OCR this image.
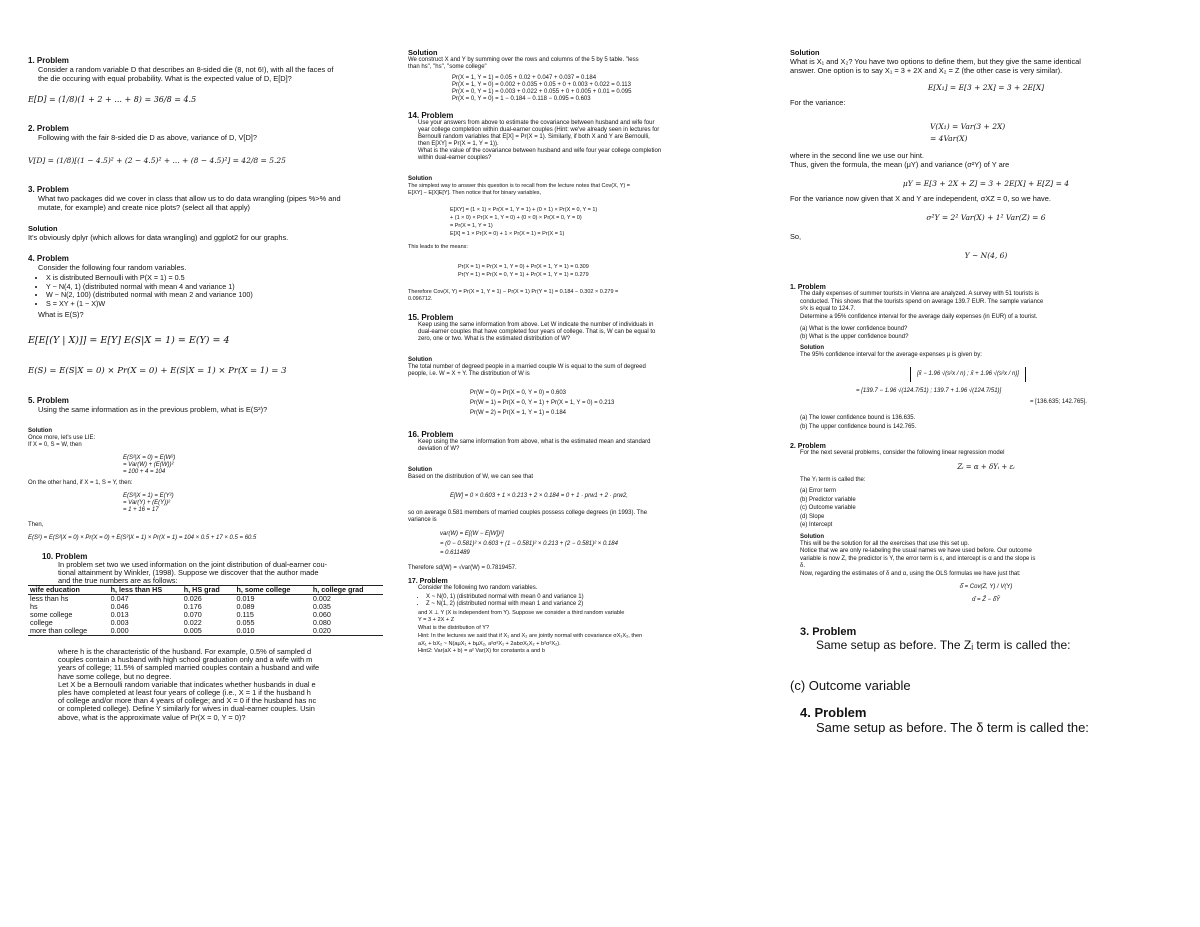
1. Problem

Consider a random variable D that describes an 8-sided die (8, not 6!), with all the faces of
the die occuring with equal probability. What is the expected value of D, E[D]?

E[D] = (1/8)(1 + 2 + ... + 8) = 36/8 = 4.5

2. Problem

Following with the fair 8-sided die D as above, variance of D, V[D]?

V[D] = (1/8)[(1 − 4.5)² + (2 − 4.5)² + ... + (8 − 4.5)²] = 42/8 = 5.25

3. Problem

What two packages did we cover in class that allow us to do data wrangling (pipes %>% and
mutate, for example) and create nice plots? (select all that apply)

Solution

It's obviously dplyr (which allows for data wrangling) and ggplot2 for our graphs.

4. Problem

Consider the following four random variables.

• X is distributed Bernoulli with P(X = 1) = 0.5
• Y ~ N(4, 1) (distributed normal with mean 4 and variance 1)
• W ~ N(2, 100) (distributed normal with mean 2 and variance 100)
• S = XY + (1 − X)W

What is E(S)?

E[E[(Y | X)]] = E[Y] E(S|X = 1) = E(Y) = 4

E(S) = E(S|X = 0) × Pr(X = 0) + E(S|X = 1) × Pr(X = 1) = 3

5. Problem

Using the same information as in the previous problem, what is E(S²)?

Solution

Once more, let's use LIE:
If X = 0, S = W, then

E(S²|X = 0) = E(W²)
= Var(W) + (E(W))²
= 100 + 4 = 104

On the other hand, if X = 1, S = Y, then:

E(S²|X = 1) = E(Y²)
= Var(Y) + (E(Y))²
= 1 + 16 = 17

Then,

E(S²) = E(S²|X = 0) × Pr(X = 0) + E(S²|X = 1) × Pr(X = 1) = 104 × 0.5 + 17 × 0.5 = 60.5

10. Problem

In problem set two we used information on the joint distribution of dual-earner cou-
tional attainment by Winkler, (1998). Suppose we discover that the author made
and the true numbers are as follows:

wife education	h, less than HS	h, HS grad	h, some college	h, college grad
less than hs	0.047	0.026	0.019	0.002
hs	0.046	0.176	0.089	0.035
some college	0.013	0.070	0.115	0.060
college	0.003	0.022	0.055	0.080
more than college	0.000	0.005	0.010	0.020

where h is the characteristic of the husband. For example, 0.5% of sampled d
couples contain a husband with high school graduation only and a wife with m
years of college; 11.5% of sampled married couples contain a husband and wife
have some college, but no degree.
Let X be a Bernoulli random variable that indicates whether husbands in dual e
ples have completed at least four years of college (i.e., X = 1 if the husband h
of college and/or more than 4 years of college; and X = 0 if the husband has nc
or completed college). Define Y similarly for wives in dual-earner couples. Usin
above, what is the approximate value of Pr(X = 0, Y = 0)?

Solution

We construct X and Y by summing over the rows and columns of the 5 by 5 table. "less
than hs", "hs", "some college"

Pr(X = 1, Y = 1) = 0.05 + 0.02 + 0.047 + 0.037 = 0.184
Pr(X = 1, Y = 0) = 0.002 + 0.035 + 0.05 + 0 + 0.003 + 0.022 = 0.113
Pr(X = 0, Y = 1) = 0.003 + 0.022 + 0.055 + 0 + 0.005 + 0.01 = 0.095
Pr(X = 0, Y = 0) = 1 − 0.184 − 0.118 − 0.095 = 0.603

14. Problem

Use your answers from above to estimate the covariance between husband and wife four
year college completion within dual-earner couples (Hint: we've already seen in lectures for
Bernoulli random variables that E[X] = Pr(X = 1). Similarly, if both X and Y are Bernoulli,
then E[XY] = Pr(X = 1, Y = 1)).
What is the value of the covariance between husband and wife four year college completion
within dual-earner couples?

Solution

The simplest way to answer this question is to recall from the lecture notes that Cov(X, Y) =
E[XY] − E[X]E[Y]. Then notice that for binary variables,

E[XY] = (1 × 1) × Pr(X = 1, Y = 1) + (0 × 1) × Pr(X = 0, Y = 1)
+ (1 × 0) × Pr(X = 1, Y = 0) + (0 × 0) × Pr(X = 0, Y = 0)
= Pr(X = 1, Y = 1)
E[X] = 1 × Pr(X = 0) + 1 × Pr(X = 1) = Pr(X = 1)

This leads to the means:

Pr(X = 1) = Pr(X = 1, Y = 0) + Pr(X = 1, Y = 1) = 0.309
Pr(Y = 1) = Pr(X = 0, Y = 1) + Pr(X = 1, Y = 1) = 0.279

Therefore Cov(X, Y) = Pr(X = 1, Y = 1) − Pr(X = 1) Pr(Y = 1) = 0.184 − 0.302 × 0.279 =
0.096712.

15. Problem

Keep using the same information from above. Let W indicate the number of individuals in
dual-earner couples that have completed four years of college. That is, W can be equal to
zero, one or two. What is the estimated distribution of W?

Solution

The total number of degreed people in a married couple W is equal to the sum of degreed
people, i.e. W = X + Y. The distribution of W is

Pr(W = 0) = Pr(X = 0, Y = 0) = 0.603
Pr(W = 1) = Pr(X = 0, Y = 1) + Pr(X = 1, Y = 0) = 0.213
Pr(W = 2) = Pr(X = 1, Y = 1) = 0.184

16. Problem

Keep using the same information from above, what is the estimated mean and standard
deviation of W?

Solution

Based on the distribution of W, we can see that

E[W] = 0 × 0.603 + 1 × 0.213 + 2 × 0.184 = 0 + 1 · prw1 + 2 · prw2,

so on average 0.581 members of married couples possess college degrees (in 1993). The
variance is

var(W) = E[(W − E[W])²]
= (0 − 0.581)² × 0.603 + (1 − 0.581)² × 0.213 + (2 − 0.581)² × 0.184
= 0.611489

Therefore sd(W) = √var(W) = 0.7819457.

17. Problem

Consider the following two random variables.

• X ~ N(0, 1) (distributed normal with mean 0 and variance 1)
• Z ~ N(1, 2) (distributed normal with mean 1 and variance 2)

and X ⊥ Y (X is independent from Y). Suppose we consider a third random variable
Y = 3 + 2X + Z
What is the distribution of Y?
Hint: In the lectures we said that if X₁ and X₂ are jointly normal with covariance σX₁X₂, then
aX₁ + bX₂ ~ N(aμX₁ + bμX₂, a²σ²X₁ + 2abσX₁X₂ + b²σ²X₂).
Hint2: Var(aX + b) = a² Var(X) for constants a and b

Solution

What is X₁ and X₂? You have two options to define them, but they give the same identical
answer. One option is to say X₁ = 3 + 2X and X₂ = Z (the other case is very similar).

E[X₁] = E[3 + 2X] = 3 + 2E[X]

For the variance:

V(X₁) = Var(3 + 2X)
= 4Var(X)

where in the second line we use our hint.
Thus, given the formula, the mean (μY) and variance (σ²Y) of Y are

μY = E[3 + 2X + Z] = 3 + 2E[X] + E[Z] = 4

For the variance now given that X and Y are independent, σXZ = 0, so we have.

σ²Y = 2² Var(X) + 1² Var(Z) = 6

So,

Y ~ N(4, 6)

1. Problem

The daily expenses of summer tourists in Vienna are analyzed. A survey with 51 tourists is
conducted. This shows that the tourists spend on average 139.7 EUR. The sample variance
s²x is equal to 124.7.
Determine a 95% confidence interval for the average daily expenses (in EUR) of a tourist.

(a) What is the lower confidence bound?
(b) What is the upper confidence bound?

Solution

The 95% confidence interval for the average expenses μ is given by:

[x̄ − 1.96 √(s²x / n) ; x̄ + 1.96 √(s²x / n)]

= [139.7 − 1.96 √(124.7/51) ; 139.7 + 1.96 √(124.7/51)]

= [136.635; 142.765].

(a) The lower confidence bound is 136.635.
(b) The upper confidence bound is 142.765.

2. Problem

For the next several problems, consider the following linear regression model

Zᵢ = α + δYᵢ + εᵢ

The Yᵢ term is called the:

(a) Error term
(b) Predictor variable
(c) Outcome variable
(d) Slope
(e) Intercept

Solution

This will be the solution for all the exercises that use this set up.
Notice that we are only re-labeling the usual names we have used before. Our outcome
variable is now Z, the predictor is Y, the error term is ε, and intercept is α and the slope is
δ.
Now, regarding the estimates of δ and α, using the OLS formulas we have just that:

δ̂ = Cov(Z, Y) / V(Y)

α̂ = Z̄ − δ̂Ȳ

3. Problem

Same setup as before. The Zᵢ term is called the:

(c) Outcome variable

4. Problem

Same setup as before. The δ term is called the:
